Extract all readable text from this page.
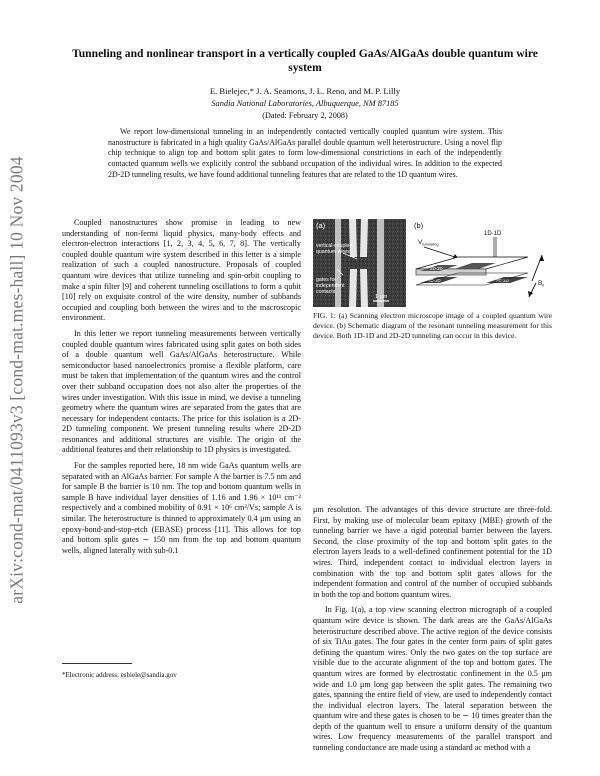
arXiv:cond-mat/0411093v3 [cond-mat.mes-hall] 10 Nov 2004
Tunneling and nonlinear transport in a vertically coupled GaAs/AlGaAs double quantum wire system
E. Bielejec,* J. A. Seamons, J. L. Reno, and M. P. Lilly
Sandia National Laboratories, Albuquerque, NM 87185
(Dated: February 2, 2008)
We report low-dimensional tunneling in an independently contacted vertically coupled quantum wire system. This nanostructure is fabricated in a high quality GaAs/AlGaAs parallel double quantum well heterostructure. Using a novel flip chip technique to align top and bottom split gates to form low-dimensional constrictions in each of the independently contacted quantum wells we explicitly control the subband occupation of the individual wires. In addition to the expected 2D-2D tunneling results, we have found additional tunneling features that are related to the 1D quantum wires.

Coupled nanostructures show promise in leading to new understanding of non-fermi liquid physics, many-body effects and electron-electron interactions [1, 2, 3, 4, 5, 6, 7, 8]. The vertically coupled double quantum wire system described in this letter is a simple realization of such a coupled nanostructure. Proposals of coupled quantum wire devices that utilize tunneling and spin-orbit coupling to make a spin filter [9] and coherent tunneling oscillations to form a qubit [10] rely on exquisite control of the wire density, number of subbands occupied and coupling both between the wires and to the macroscopic environment.

In this letter we report tunneling measurements between vertically coupled double quantum wires fabricated using split gates on both sides of a double quantum well GaAs/AlGaAs heterostructure. While semiconductor based nanoelectronics promise a flexible platform, care must be taken that implementation of the quantum wires and the control over their subband occupation does not also alter the properties of the wires under investigation. With this issue in mind, we devise a tunneling geometry where the quantum wires are separated from the gates that are necessary for independent contacts. The price for this isolation is a 2D-2D tunneling component. We present tunneling results where 2D-2D resonances and additional structures are visible. The origin of the additional features and their relationship to 1D physics is investigated.

For the samples reported here, 18 nm wide GaAs quantum wells are separated with an AlGaAs barrier. For sample A the barrier is 7.5 nm and for sample B the barrier is 10 nm. The top and bottom quantum wells in sample B have individual layer densities of 1.16 and 1.96 × 10¹¹ cm⁻² respectively and a combined mobility of 0.91 × 10⁶ cm²/Vs; sample A is similar. The heterostructure is thinned to approximately 0.4 μm using an epoxy-bond-and-stop-etch (EBASE) process [11]. This allows for top and bottom split gates ∼ 150 nm from the top and bottom quantum wells, aligned laterally with sub-0.1

*Electronic address: esbiele@sandia.gov
(a)
vertical-coupled
quantum wires
gates for
independent
contacts
1 μm
(b)
$V_{tunneling}$
1D-1D
2D-2D
2D-2D	2D-2D	$B_‖$
FIG. 1: (a) Scanning electron microscope image of a coupled quantum wire device. (b) Schematic diagram of the resonant tunneling measurement for this device. Both 1D-1D and 2D-2D tunneling can occur in this device.

μm resolution. The advantages of this device structure are three-fold. First, by making use of molecular beam epitaxy (MBE) growth of the tunneling barrier we have a rigid potential barrier between the layers. Second, the close proximity of the top and bottom split gates to the electron layers leads to a well-defined confinement potential for the 1D wires. Third, independent contact to individual electron layers in combination with the top and bottom split gates allows for the independent formation and control of the number of occupied subbands in both the top and bottom quantum wires.

In Fig. 1(a), a top view scanning electron micrograph of a coupled quantum wire device is shown. The dark areas are the GaAs/AlGaAs heterostructure described above. The active region of the device consists of six TiAu gates. The four gates in the center form pairs of split gates defining the quantum wires. Only the two gates on the top surface are visible due to the accurate alignment of the top and bottom gates. The quantum wires are formed by electrostatic confinement in the 0.5 μm wide and 1.0 μm long gap between the split gates. The remaining two gates, spanning the entire field of view, are used to independently contact the individual electron layers. The lateral separation between the quantum wire and these gates is chosen to be ∼ 10 times greater than the depth of the quantum well to ensure a uniform density of the quantum wires. Low frequency measurements of the parallel transport and tunneling conductance are made using a standard ac method with a
